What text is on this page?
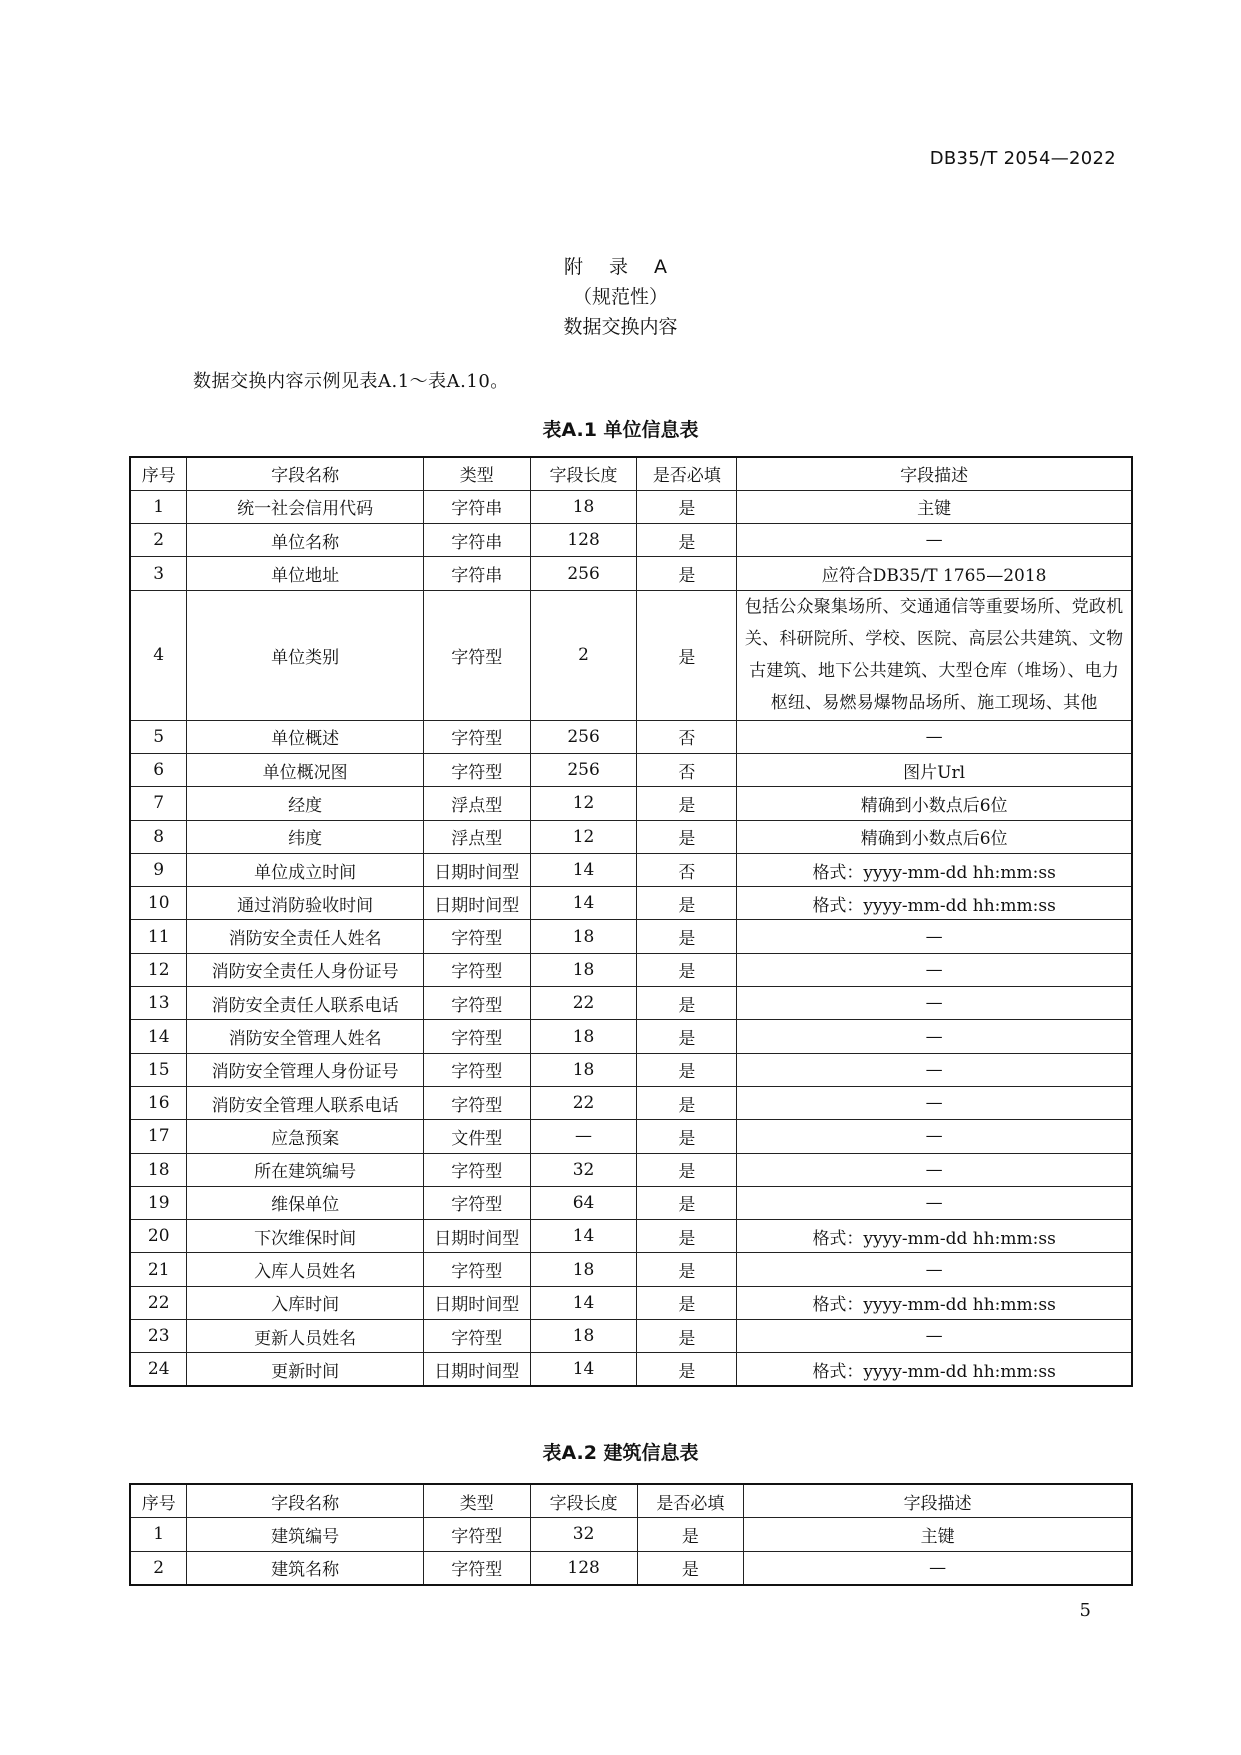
DB35/T 2054—2022
附 录 A
（规范性）
数据交换内容
数据交换内容示例见表A.1～表A.10。
表A.1 单位信息表
序号	字段名称	类型	字段长度	是否必填	字段描述
1	统一社会信用代码	字符串	18	是	主键
2	单位名称	字符串	128	是	—
3	单位地址	字符串	256	是	应符合DB35/T 1765—2018
4	单位类别	字符型	2	是	包括公众聚集场所、交通通信等重要场所、党政机关、科研院所、学校、医院、高层公共建筑、文物古建筑、地下公共建筑、大型仓库（堆场）、电力枢纽、易燃易爆物品场所、施工现场、其他
5	单位概述	字符型	256	否	—
6	单位概况图	字符型	256	否	图片Url
7	经度	浮点型	12	是	精确到小数点后6位
8	纬度	浮点型	12	是	精确到小数点后6位
9	单位成立时间	日期时间型	14	否	格式：yyyy-mm-dd hh:mm:ss
10	通过消防验收时间	日期时间型	14	是	格式：yyyy-mm-dd hh:mm:ss
11	消防安全责任人姓名	字符型	18	是	—
12	消防安全责任人身份证号	字符型	18	是	—
13	消防安全责任人联系电话	字符型	22	是	—
14	消防安全管理人姓名	字符型	18	是	—
15	消防安全管理人身份证号	字符型	18	是	—
16	消防安全管理人联系电话	字符型	22	是	—
17	应急预案	文件型	—	是	—
18	所在建筑编号	字符型	32	是	—
19	维保单位	字符型	64	是	—
20	下次维保时间	日期时间型	14	是	格式：yyyy-mm-dd hh:mm:ss
21	入库人员姓名	字符型	18	是	—
22	入库时间	日期时间型	14	是	格式：yyyy-mm-dd hh:mm:ss
23	更新人员姓名	字符型	18	是	—
24	更新时间	日期时间型	14	是	格式：yyyy-mm-dd hh:mm:ss
表A.2 建筑信息表
序号	字段名称	类型	字段长度	是否必填	字段描述
1	建筑编号	字符型	32	是	主键
2	建筑名称	字符型	128	是	—
5
